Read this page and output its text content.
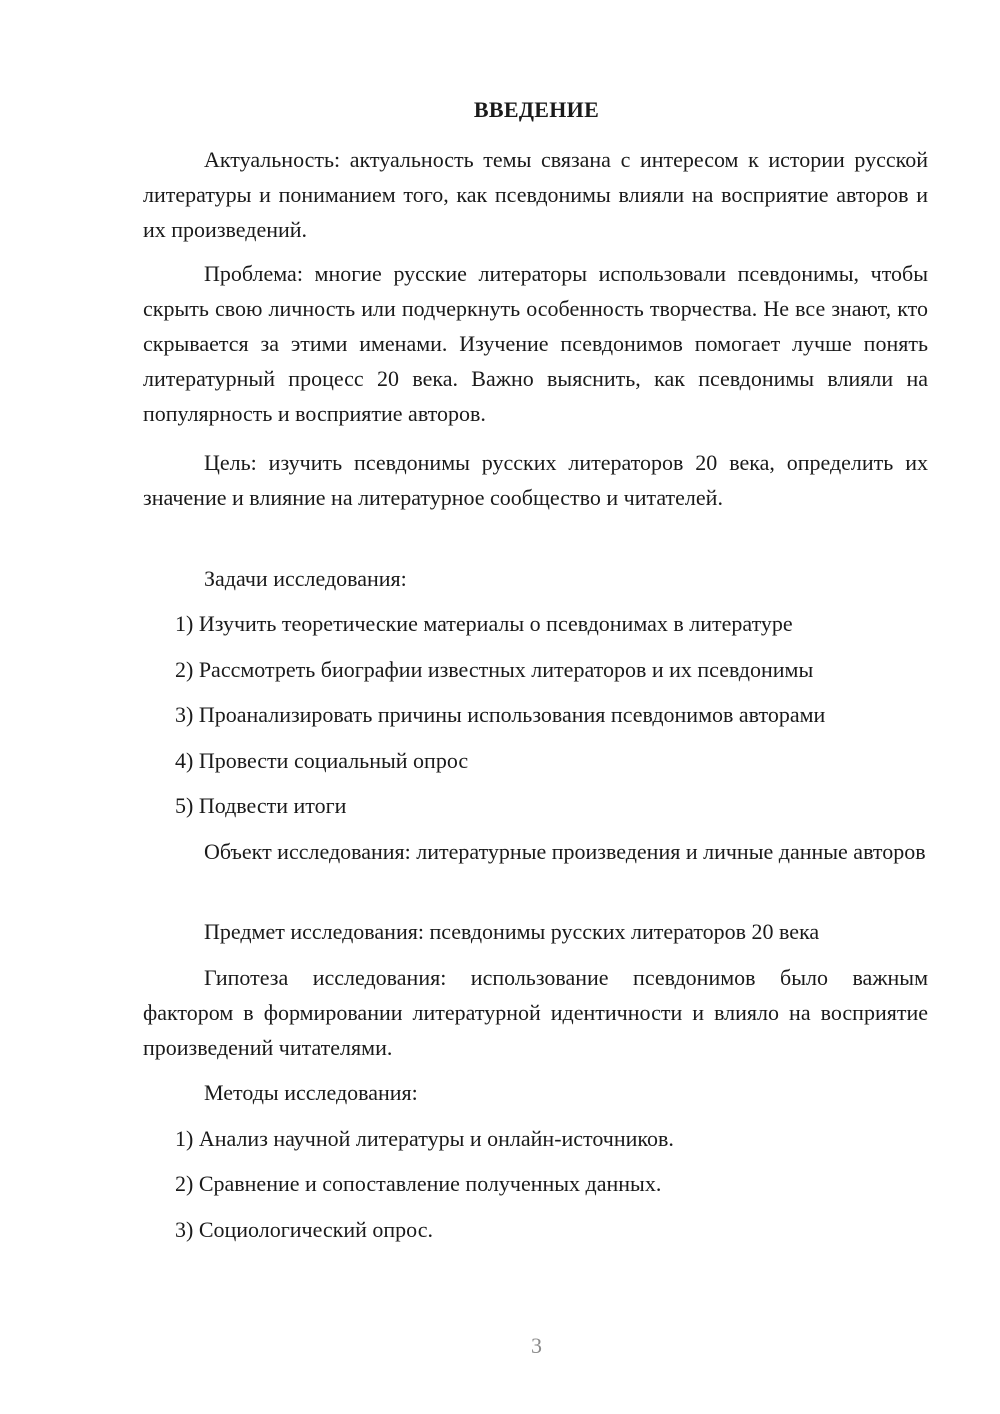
ВВЕДЕНИЕ

Актуальность: актуальность темы связана с интересом к истории русской литературы и пониманием того, как псевдонимы влияли на восприятие авторов и их произведений.

Проблема: многие русские литераторы использовали псевдонимы, чтобы скрыть свою личность или подчеркнуть особенность творчества. Не все знают, кто скрывается за этими именами. Изучение псевдонимов помогает лучше понять литературный процесс 20 века. Важно выяснить, как псевдонимы влияли на популярность и восприятие авторов.

Цель: изучить псевдонимы русских литераторов 20 века, определить их значение и влияние на литературное сообщество и читателей.

Задачи исследования:
1) Изучить теоретические материалы о псевдонимах в литературе
2) Рассмотреть биографии известных литераторов и их псевдонимы
3) Проанализировать причины использования псевдонимов авторами
4) Провести социальный опрос
5) Подвести итоги

Объект исследования: литературные произведения и личные данные авторов

Предмет исследования: псевдонимы русских литераторов 20 века

Гипотеза исследования: использование псевдонимов было важным фактором в формировании литературной идентичности и влияло на восприятие произведений читателями.

Методы исследования:
1) Анализ научной литературы и онлайн-источников.
2) Сравнение и сопоставление полученных данных.
3) Социологический опрос.
3
